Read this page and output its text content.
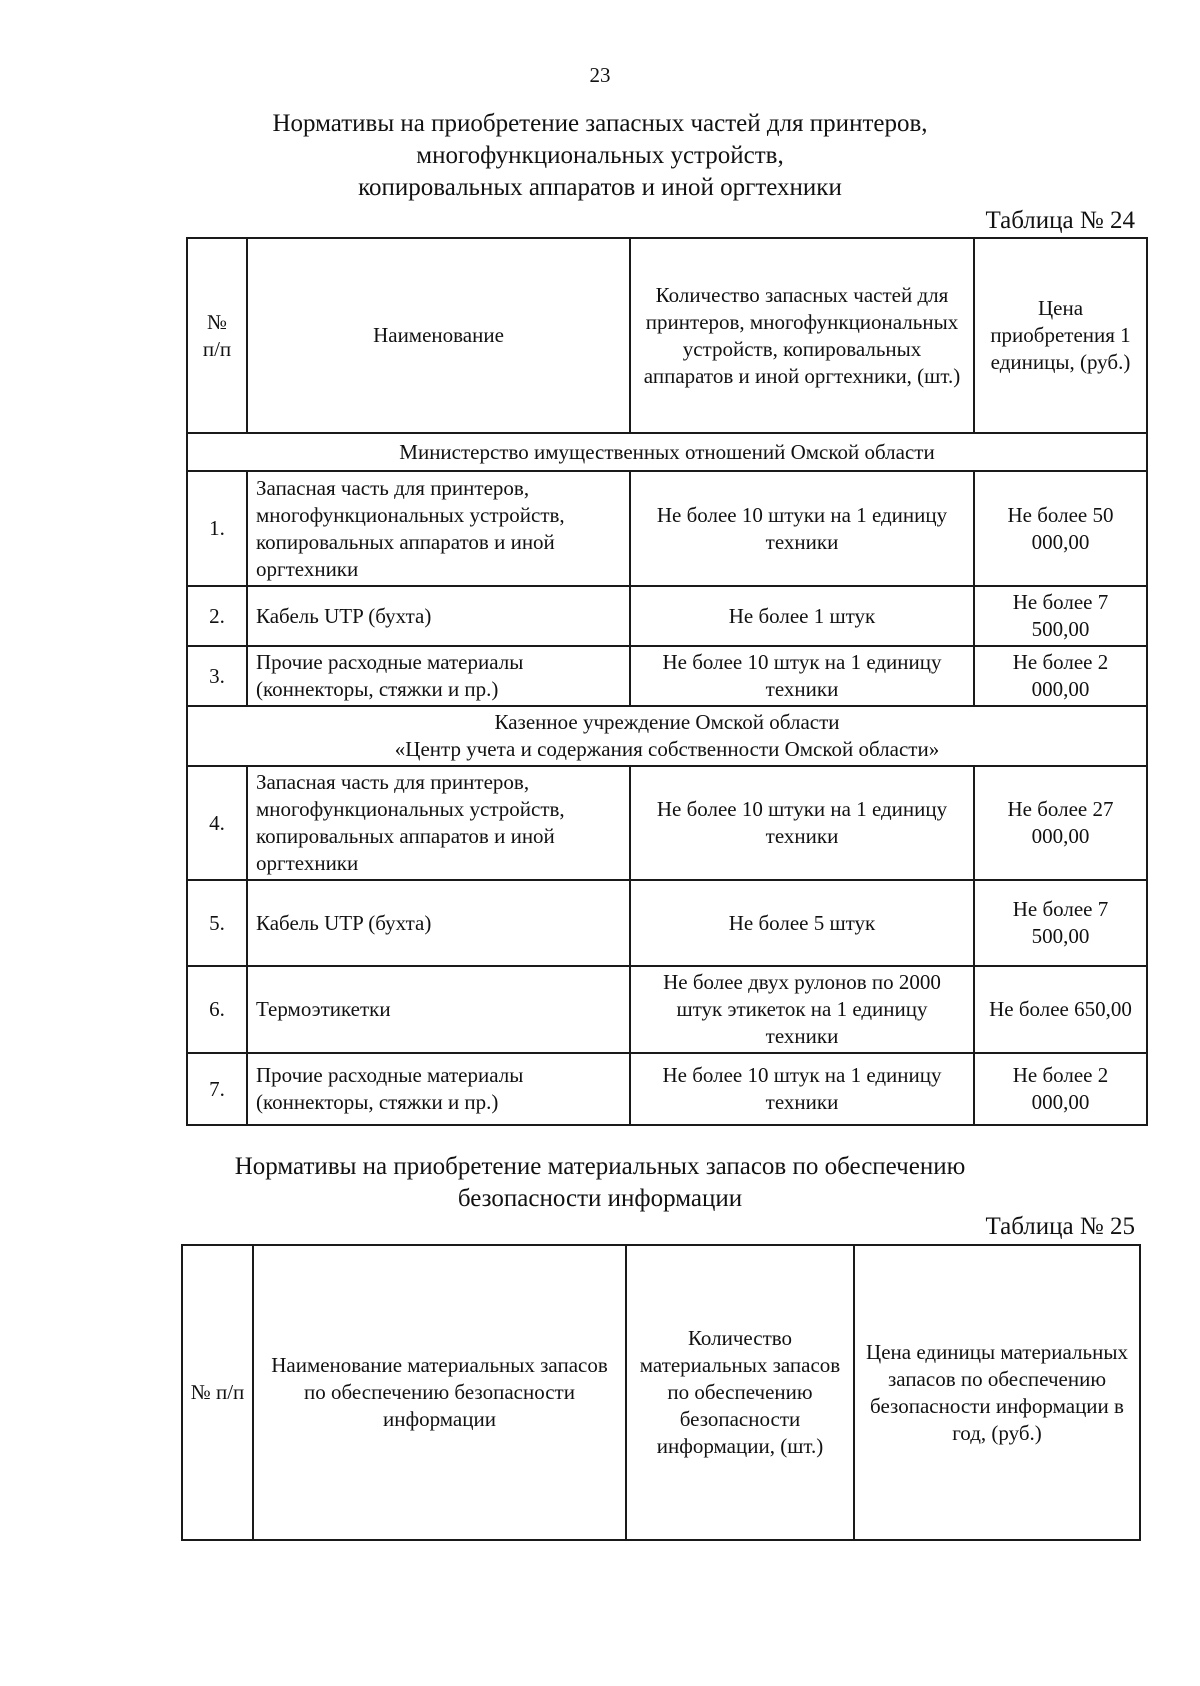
23
Нормативы на приобретение запасных частей для принтеров,
многофункциональных устройств,
копировальных аппаратов и иной оргтехники
Таблица № 24
№ п/п	Наименование	Количество запасных частей для принтеров, многофункциональных устройств, копировальных аппаратов и иной оргтехники, (шт.)	Цена приобретения 1 единицы, (руб.)
Министерство имущественных отношений Омской области			
1.	Запасная часть для принтеров, многофункциональных устройств, копировальных аппаратов и иной оргтехники	Не более 10 штуки на 1 единицу техники	Не более 50 000,00
2.	Кабель UTP (бухта)	Не более 1 штук	Не более 7 500,00
3.	Прочие расходные материалы (коннекторы, стяжки и пр.)	Не более 10 штук на 1 единицу техники	Не более 2 000,00

Казенное учреждение Омской области
«Центр учета и содержания собственности Омской области»			

4.	Запасная часть для принтеров, многофункциональных устройств, копировальных аппаратов и иной оргтехники	Не более 10 штуки на 1 единицу техники	Не более 27 000,00
5.	Кабель UTP (бухта)	Не более 5 штук	Не более 7 500,00
6.	Термоэтикетки	Не более двух рулонов по 2000 штук этикеток на 1 единицу техники	Не более 650,00
7.	Прочие расходные материалы (коннекторы, стяжки и пр.)	Не более 10 штук на 1 единицу техники	Не более 2 000,00
Нормативы на приобретение материальных запасов по обеспечению
безопасности информации
Таблица № 25
№ п/п	Наименование материальных запасов по обеспечению безопасности информации	Количество материальных запасов по обеспечению безопасности информации, (шт.)	Цена единицы материальных запасов по обеспечению безопасности информации в год, (руб.)
